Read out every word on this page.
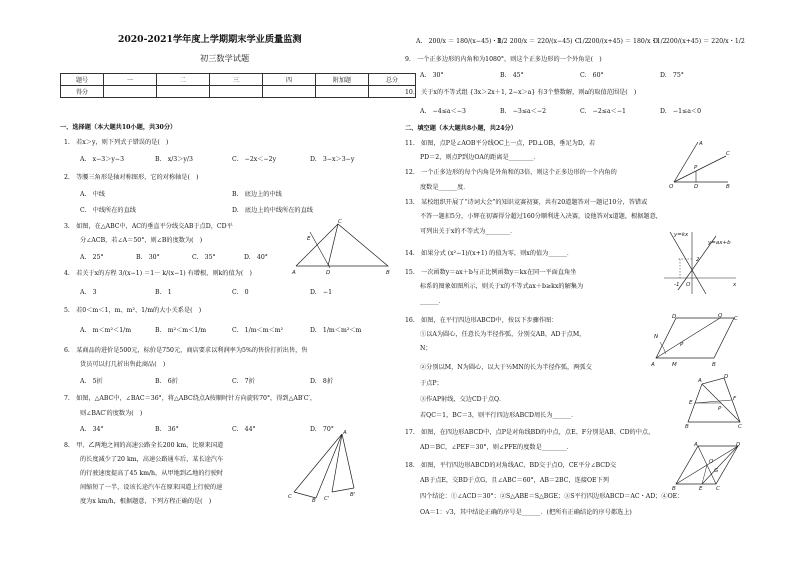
2020-2021学年度上学期期末学业质量监测
初三数学试题
题号	一	二	三	四	附加题	总分
得分						
一、选择题（本大题共10小题，共30分）
1.　若x＞y，则下列式子错误的是(　)
A.　x−3＞y−3	B.　x/3＞y/3	C.　−2x＜−2y	D.　3−x＞3−y
2.　等腰三角形是轴对称图形，它的对称轴是(　)
A.　中线	B.　底边上的中线
C.　中线所在的直线	D.　底边上的中线所在的直线
3.　如图，在△ABC中，AC的垂直平分线交AB于点D，CD平
分∠ACB，若∠A＝50°，则∠B的度数为(　)
A.　25°	B.　30°	C.　35°	D.　40°
C
E
A	D	B
4.　若关于x的方程 3/(x−1) ＝1－ k/(x−1) 有增根，则k的值为(　)
A.　3	B.　1	C.　0	D.　−1
5.　若0＜m＜1，m、m²、1/m的大小关系是(　)
A.　m＜m²＜1/m	B.　m²＜m＜1/m	C.　1/m＜m＜m²	D.　1/m＜m²＜m
6.　某商品的进价是500元，标价是750元，商店要求以利润率为5%的售价打折出售，售
货员可以打几折出售此商品(　)
A.　5折	B.　6折	C.　7折	D.　8折
7.　如图，△ABC中，∠BAC＝36°，将△ABC绕点A按顺时针方向旋转70°，得到△AB′C′，
则∠BAC′的度数为(　)
A.　34°	B.　36°	C.　44°	D.　70°
8.　甲、乙两地之间的高速公路全长200 km，比原来国道
的长度减少了20 km，高速公路通车后，某长途汽车
的行驶速度提高了45 km/h，从甲地到乙地的行驶时
间缩短了一半，设该长途汽车在原来国道上行驶的速
度为x km/h，根据题意，下列方程正确的是(　)
A
B
C	B'
C'
A.　200/x ＝ 180/(x−45)・1/2
B.　200/x ＝ 220/(x−45)・1/2
C.　200/(x+45) ＝ 180/x・1/2
D.　200/(x+45) ＝ 220/x・1/2
9.　一个正多边形的内角和为1080°，则这个正多边形的一个外角是(　)
A.　30°	B.　45°	C.　60°	D.　75°
10.　关于x的不等式组 {3x＞2x＋1, 2−x＞a} 有3个整数解，则a的取值范围是(　)
A.　−4≤a＜−3	B.　−3≤a＜−2	C.　−2≤a＜−1	D.　−1≤a＜0
二、填空题（本大题共8小题，共24分）
11.　如图，点P是∠AOB平分线OC上一点，PD⊥OB，垂足为D，若
PD＝2，则点P到边OA的距离是________．
A
C
P
O	D	B
12.　一个正多边形的每个内角是外角和的3倍，则这个正多边形的一个内角的
度数是______度．
13.　某校组织开展了“诗词大会”的知识竞赛初赛，共有20道题答对一题记10分，答错或
不答一题扣5分，小辉在初赛得分超过160分顺利进入决赛，设他答对x道题，根据题意，
可列出关于x的不等式为________．
14.　如果分式 (x²−1)/(x+1) 的值为零，则x的值为______．
15.　一次函数y＝ax＋b与正比例函数y＝kx在同一平面直角坐
标系的图象如图所示，则关于x的不等式ax＋b≥kx的解集为
______．
y=kx
y=ax+b
2
-1 O	x
16.　如图，在平行四边形ABCD中，按以下步骤作图：
①以A为圆心，任意长为半径作弧，分别交AB，AD于点M，
N；
②分别以M，N为圆心，以大于½MN的长为半径作弧，两弧交
于点P；
③作AP射线，交边CD于点Q．
若QC＝1，BC＝3，则平行四边形ABCD周长为______．
A	B
C
D
M
N
P
Q
A
B	C
D
E
F
P
17.　如图，在四边形ABCD中，点P是对角线BD的中点，点E、F分别是AB、CD的中点，
AD＝BC，∠PEF＝30°，则∠PFE的度数是________．
18.　如图，平行四边形ABCD的对角线AC，BD交于点O，CE平分∠BCD交
AB于点E，交BD于点G，且∠ABC＝60°，AB＝2BC，连接OE下列
四个结论：①∠ACD＝30°；②S△ABE＝S△BGE；③S平行四边形ABCD＝AC・AD；④OE：
OA＝1：√3，其中结论正确的序号是______．(把所有正确结论的序号都选上)
A
B	C
D
E
G
O
